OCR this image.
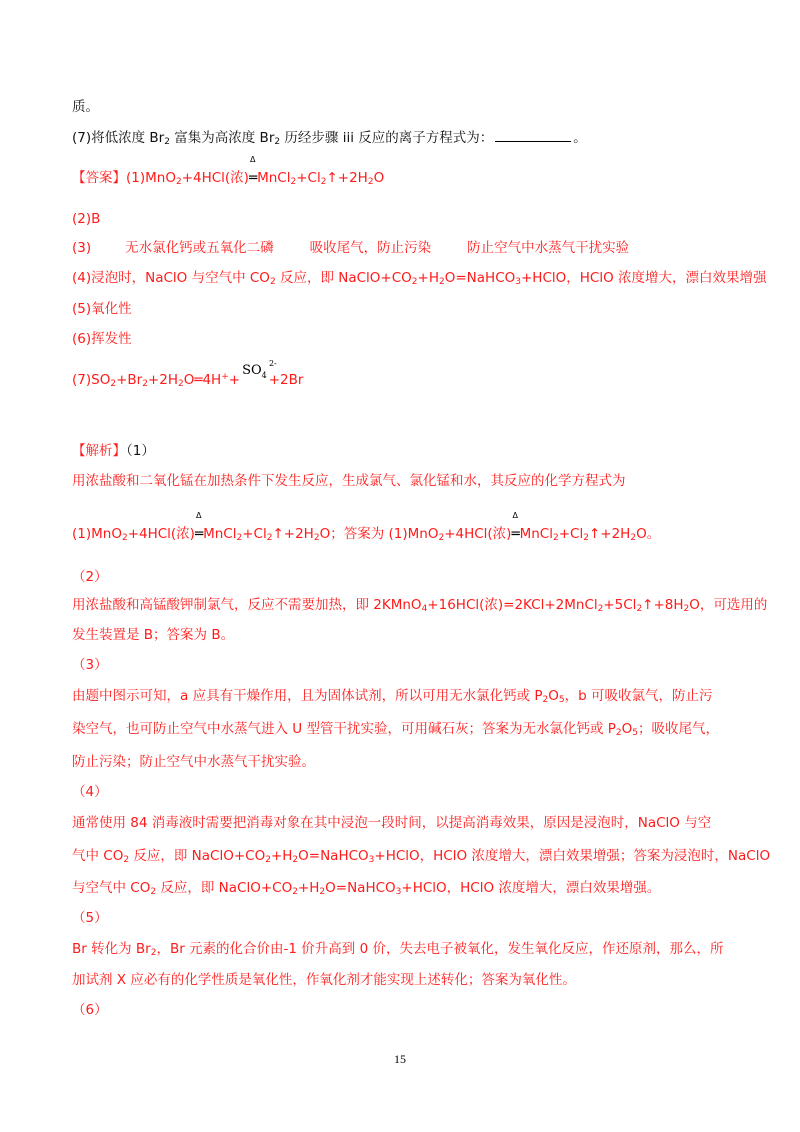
质。
(7)将低浓度 $Br_2$ 富集为高浓度 $Br_2$ 历经步骤 iii 反应的离子方程式为：	。
【答案】(1)MnO$_2$+4HCl(浓)
Δ
$═MnCl_2+Cl_2↑+2H_2O$
(2)B
(3)	无水氯化钙或五氧化二磷	吸收尾气，防止污染	防止空气中水蒸气干扰实验
(4)浸泡时，NaClO 与空气中 $CO_2$ 反应，即 $NaClO+CO_2+H_2O=NaHCO_3+HClO$，HClO 浓度增大，漂白效果增强
(5)氧化性
(6)挥发性
$(7)SO_2+Br_2+2H_2O═4H^++SO_4$
2-
+2Br
【解析】（1）
用浓盐酸和二氧化锰在加热条件下发生反应，生成氯气、氯化锰和水，其反应的化学方程式为
(1)MnO$_2$+4HCl(浓)
Δ
$═MnCl_2+Cl_2↑+2H_2O$；答案为 (1)MnO$_2$+4HCl(浓)
Δ
$═MnCl_2+Cl_2↑+2H_2O$。
（2）
用浓盐酸和高锰酸钾制氯气，反应不需要加热，即 2KMnO$_4$+16HCl(浓)$=2KCl+2MnCl_2+5Cl_2↑+8H_2O$，可选用的
发生装置是 B；答案为 B。
（3）
由题中图示可知，a 应具有干燥作用，且为固体试剂，所以可用无水氯化钙或 $P_2O_5$，b 可吸收氯气，防止污
染空气，也可防止空气中水蒸气进入 U 型管干扰实验，可用碱石灰；答案为无水氯化钙或 $P_2O_5$；吸收尾气，
防止污染；防止空气中水蒸气干扰实验。
（4）
通常使用 84 消毒液时需要把消毒对象在其中浸泡一段时间，以提高消毒效果，原因是浸泡时，NaClO 与空
气中 $CO_2$ 反应，即 $NaClO+CO_2+H_2O=NaHCO_3+HClO$，HClO 浓度增大，漂白效果增强；答案为浸泡时，NaClO
与空气中 $CO_2$ 反应，即 $NaClO+CO_2+H_2O=NaHCO_3+HClO$，HClO 浓度增大，漂白效果增强。
（5）
Br 转化为 $Br_2$，Br 元素的化合价由-1 价升高到 0 价，失去电子被氧化，发生氧化反应，作还原剂，那么，所
加试剂 X 应必有的化学性质是氧化性，作氧化剂才能实现上述转化；答案为氧化性。
（6）
15
